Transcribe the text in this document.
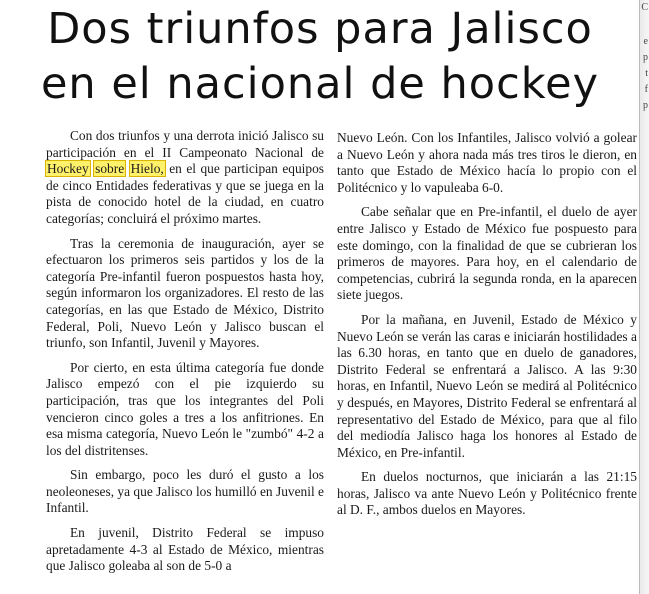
Dos triunfos para Jalisco
en el nacional de hockey

Con dos triunfos y una derrota inició Jalisco su participación en el II Campeonato Nacional de Hockey sobre Hielo, en el que participan equipos de cinco Entidades federativas y que se juega en la pista de conocido hotel de la ciudad, en cuatro categorías; concluirá el próximo martes.

Tras la ceremonia de inauguración, ayer se efectuaron los primeros seis partidos y los de la categoría Pre-infantil fueron pospuestos hasta hoy, según informaron los organizadores. El resto de las categorías, en las que Estado de México, Distrito Federal, Poli, Nuevo León y Jalisco buscan el triunfo, son Infantil, Juvenil y Mayores.

Por cierto, en esta última categoría fue donde Jalisco empezó con el pie izquierdo su participación, tras que los integrantes del Poli vencieron cinco goles a tres a los anfitriones. En esa misma categoría, Nuevo León le "zumbó" 4-2 a los del distritenses.

Sin embargo, poco les duró el gusto a los neoleoneses, ya que Jalisco los humilló en Juvenil e Infantil.

En juvenil, Distrito Federal se impuso apretadamente 4-3 al Estado de México, mientras que Jalisco goleaba al son de 5-0 a

Nuevo León. Con los Infantiles, Jalisco volvió a golear a Nuevo León y ahora nada más tres tiros le dieron, en tanto que Estado de México hacía lo propio con el Politécnico y lo vapuleaba 6-0.

Cabe señalar que en Pre-infantil, el duelo de ayer entre Jalisco y Estado de México fue pospuesto para este domingo, con la finalidad de que se cubrieran los primeros de mayores. Para hoy, en el calendario de competencias, cubrirá la segunda ronda, en la aparecen siete juegos.

Por la mañana, en Juvenil, Estado de México y Nuevo León se verán las caras e iniciarán hostilidades a las 6.30 horas, en tanto que en duelo de ganadores, Distrito Federal se enfrentará a Jalisco. A las 9:30 horas, en Infantil, Nuevo León se medirá al Politécnico y después, en Mayores, Distrito Federal se enfrentará al representativo del Estado de México, para que al filo del mediodía Jalisco haga los honores al Estado de México, en Pre-infantil.

En duelos nocturnos, que iniciarán a las 21:15 horas, Jalisco va ante Nuevo León y Politécnico frente al D. F., ambos duelos en Mayores.

C
e
p
t
f
p
